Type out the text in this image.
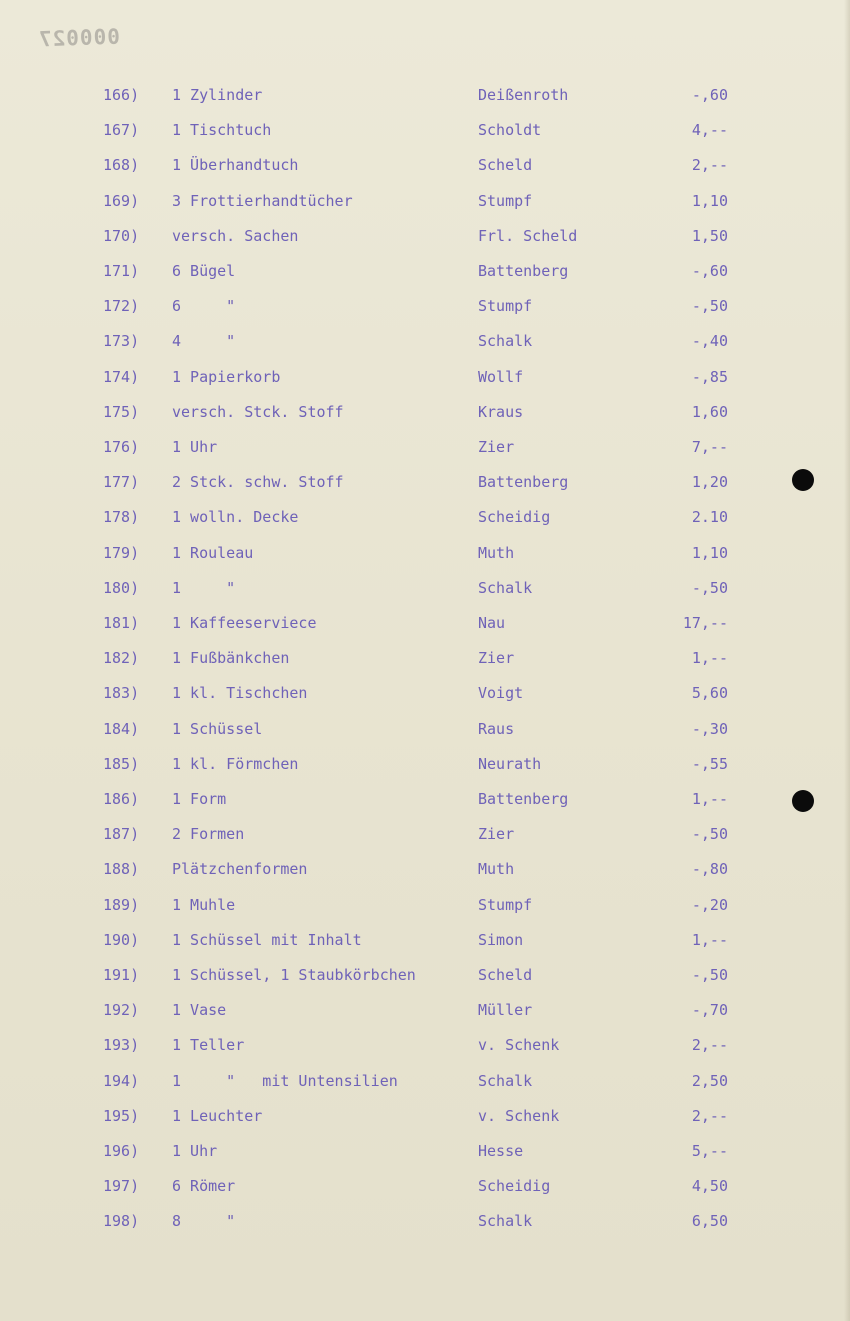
000027
166) 1 Zylinder	Deißenroth	-,60
167) 1 Tischtuch	Scholdt	4,--
168) 1 Überhandtuch	Scheld	2,--
169) 3 Frottierhandtücher	Stumpf	1,10
170) versch. Sachen	Frl. Scheld	1,50
171) 6 Bügel	Battenberg	-,60
172) 6     "	Stumpf	-,50
173) 4     "	Schalk	-,40
174) 1 Papierkorb	Wollf	-,85
175) versch. Stck. Stoff	Kraus	1,60
176) 1 Uhr	Zier	7,--
177) 2 Stck. schw. Stoff	Battenberg	1,20
178) 1 wolln. Decke	Scheidig	2.10
179) 1 Rouleau	Muth	1,10
180) 1     "	Schalk	-,50
181) 1 Kaffeeserviece	Nau	17,--
182) 1 Fußbänkchen	Zier	1,--
183) 1 kl. Tischchen	Voigt	5,60
184) 1 Schüssel	Raus	-,30
185) 1 kl. Förmchen	Neurath	-,55
186) 1 Form	Battenberg	1,--
187) 2 Formen	Zier	-,50
188) Plätzchenformen	Muth	-,80
189) 1 Muhle	Stumpf	-,20
190) 1 Schüssel mit Inhalt	Simon	1,--
191) 1 Schüssel, 1 Staubkörbchen	Scheld	-,50
192) 1 Vase	Müller	-,70
193) 1 Teller	v. Schenk	2,--
194) 1     "   mit Untensilien	Schalk	2,50
195) 1 Leuchter	v. Schenk	2,--
196) 1 Uhr	Hesse	5,--
197) 6 Römer	Scheidig	4,50
198) 8     "	Schalk	6,50
